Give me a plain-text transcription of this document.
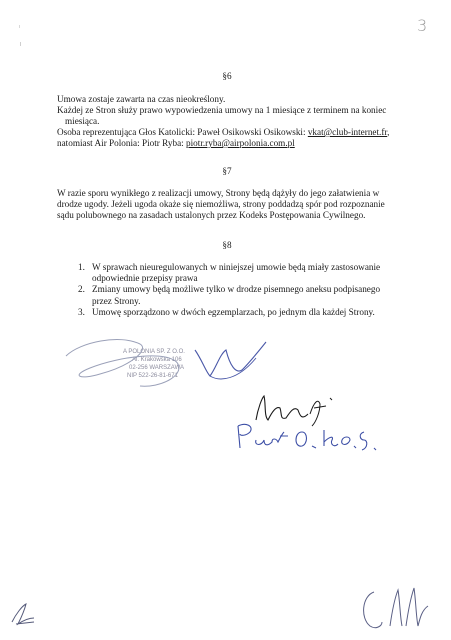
3
§6
Umowa zostaje zawarta na czas nieokreślony.
Każdej ze Stron służy prawo wypowiedzenia umowy na 1 miesiące z terminem na koniec
miesiąca.
Osoba reprezentująca Głos Katolicki: Paweł Osikowski Osikowski: vkat@club-internet.fr,
natomiast Air Polonia: Piotr Ryba: piotr.ryba@airpolonia.com.pl
§7
W razie sporu wynikłego z realizacji umowy, Strony będą dążyły do jego załatwienia w
drodze ugody. Jeżeli ugoda okaże się niemożliwa, strony poddadzą spór pod rozpoznanie
sądu polubownego na zasadach ustalonych przez Kodeks Postępowania Cywilnego.
§8
1. W sprawach nieuregulowanych w niniejszej umowie będą miały zastosowanie odpowiednie przepisy prawa
2. Zmiany umowy będą możliwe tylko w drodze pisemnego aneksu podpisanego przez Strony.
3. Umowę sporządzono w dwóch egzemplarzach, po jednym dla każdej Strony.
A POLONIA SP. Z O.O.
Al. Krakowska 106
02-256 WARSZAWA
NIP 522-26-81-671
